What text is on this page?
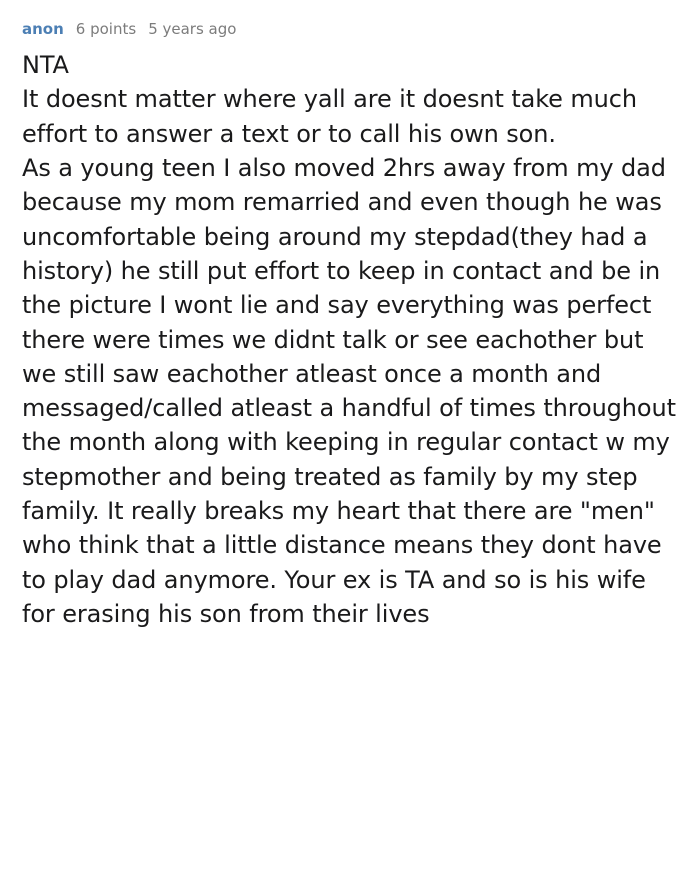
anon 6 points 5 years ago

NTA

It doesnt matter where yall are it doesnt take much effort to answer a text or to call his own son.

As a young teen I also moved 2hrs away from my dad because my mom remarried and even though he was uncomfortable being around my stepdad(they had a history) he still put effort to keep in contact and be in the picture I wont lie and say everything was perfect there were times we didnt talk or see eachother but we still saw eachother atleast once a month and messaged/called atleast a handful of times throughout the month along with keeping in regular contact w my stepmother and being treated as family by my step family. It really breaks my heart that there are "men" who think that a little distance means they dont have to play dad anymore. Your ex is TA and so is his wife for erasing his son from their lives
